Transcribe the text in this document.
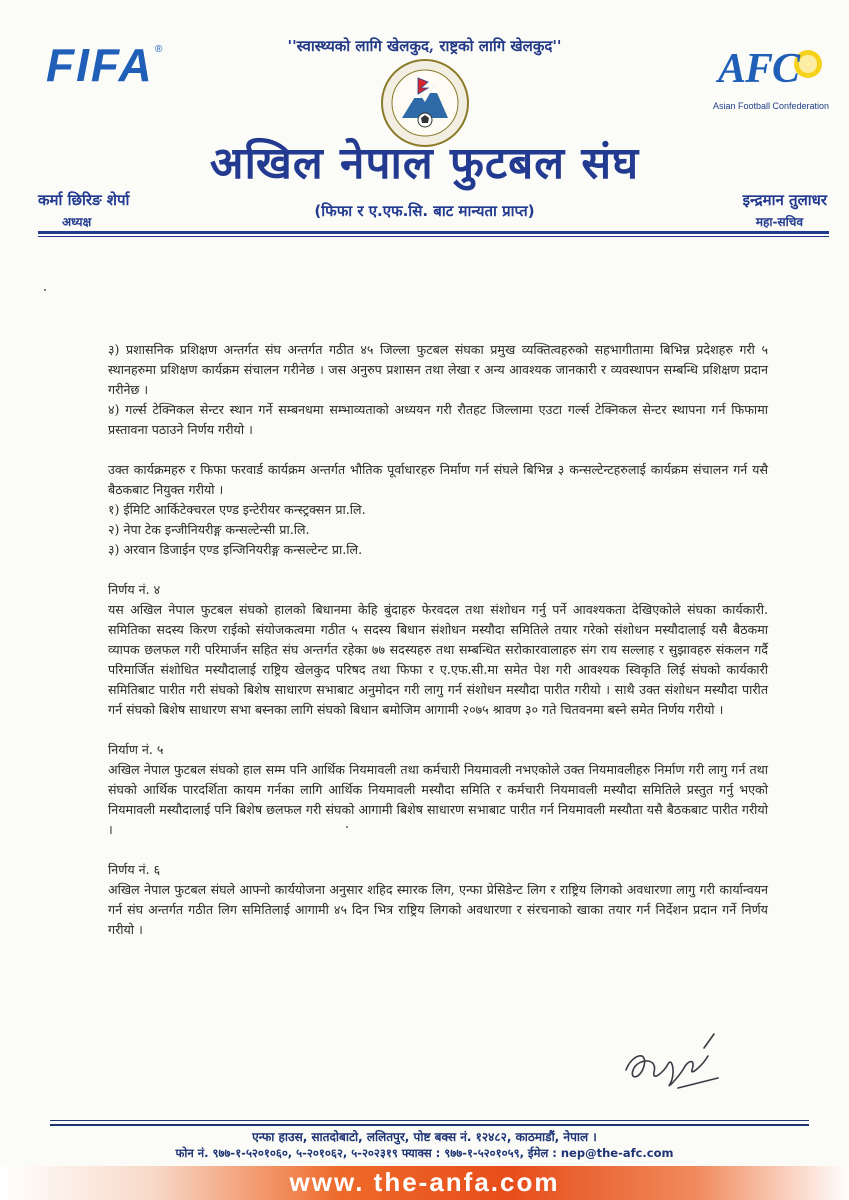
FIFA ®	''स्वास्थ्यको लागि खेलकुद, राष्ट्रको लागि खेलकुद''	AFC
Asian Football Confederation
अखिल नेपाल फुटबल संघ
कर्मा छिरिङ शेर्पा
अध्यक्ष
(फिफा र ए.एफ.सि. बाट मान्यता प्राप्त)
इन्द्रमान तुलाधर
महा-सचिव

३) प्रशासनिक प्रशिक्षण अन्तर्गत संघ अन्तर्गत गठीत ४५ जिल्ला फुटबल संघका प्रमुख व्यक्तित्वहरुको सहभागीतामा बिभिन्न प्रदेशहरु गरी ५ स्थानहरुमा प्रशिक्षण कार्यक्रम संचालन गरीनेछ । जस अनुरुप प्रशासन तथा लेखा र अन्य आवश्यक जानकारी र व्यवस्थापन सम्बन्धि प्रशिक्षण प्रदान गरीनेछ ।

४) गर्ल्स टेक्निकल सेन्टर स्थान गर्ने सम्बनधमा सम्भाव्यताको अध्ययन गरी रौतहट जिल्लामा एउटा गर्ल्स टेक्निकल सेन्टर स्थापना गर्न फिफामा प्रस्तावना पठाउने निर्णय गरीयो ।

उक्त कार्यक्रमहरु र फिफा फरवार्ड कार्यक्रम अन्तर्गत भौतिक पूर्वाधारहरु निर्माण गर्न संघले बिभिन्न ३ कन्सल्टेन्टहरुलाई कार्यक्रम संचालन गर्न यसै बैठकबाट नियुक्त गरीयो ।

१) ईमिटि आर्किटेक्चरल एण्ड इन्टेरीयर कन्स्ट्रक्सन प्रा.लि.

२) नेपा टेक इन्जीनियरीङ्ग कन्सल्टेन्सी प्रा.लि.

३) अरवान डिजाईन एण्ड इन्जिनियरीङ्ग कन्सल्टेन्ट प्रा.लि.

निर्णय नं. ४

यस अखिल नेपाल फुटबल संघको हालको बिधानमा केहि बुंदाहरु फेरवदल तथा संशोधन गर्नु पर्ने आवश्यकता देखिएकोले संघका कार्यकारी. समितिका सदस्य किरण राईको संयोजकत्वमा गठीत ५ सदस्य बिधान संशोधन मस्यौदा समितिले तयार गरेको संशोधन मस्यौदालाई यसै बैठकमा व्यापक छलफल गरी परिमार्जन सहित संघ अन्तर्गत रहेका ७७ सदस्यहरु तथा सम्बन्धित सरोकारवालाहरु संग राय सल्लाह र सुझावहरु संकलन गर्दै परिमार्जित संशोधित मस्यौदालाई राष्ट्रिय खेलकुद परिषद तथा फिफा र ए.एफ.सी.मा समेत पेश गरी आवश्यक स्विकृति लिई संघको कार्यकारी समितिबाट पारीत गरी संघको बिशेष साधारण सभाबाट अनुमोदन गरी लागु गर्न संशोधन मस्यौदा पारीत गरीयो । साथै उक्त संशोधन मस्यौदा पारीत गर्न संघको बिशेष साधारण सभा बस्नका लागि संघको बिधान बमोजिम आगामी २०७५ श्रावण ३० गते चितवनमा बस्ने समेत निर्णय गरीयो ।

निर्याण नं. ५

अखिल नेपाल फुटबल संघको हाल सम्म पनि आर्थिक नियमावली तथा कर्मचारी नियमावली नभएकोले उक्त नियमावलीहरु निर्माण गरी लागु गर्न तथा संघको आर्थिक पारदर्शिता कायम गर्नका लागि आर्थिक नियमावली मस्यौदा समिति र कर्मचारी नियमावली मस्यौदा समितिले प्रस्तुत गर्नु भएको नियमावली मस्यौदालाई पनि बिशेष छलफल गरी संघको आगामी बिशेष साधारण सभाबाट पारीत गर्न नियमावली मस्यौता यसै बैठकबाट पारीत गरीयो ।

निर्णय नं. ६

अखिल नेपाल फुटबल संघले आफ्नो कार्ययोजना अनुसार शहिद स्मारक लिग, एन्फा प्रेसिडेन्ट लिग र राष्ट्रिय लिगको अवधारणा लागु गरी कार्यान्वयन गर्न संघ अन्तर्गत गठीत लिग समितिलाई आगामी ४५ दिन भित्र राष्ट्रिय लिगको अवधारणा र संरचनाको खाका तयार गर्न निर्देशन प्रदान गर्ने निर्णय गरीयो ।

एन्फा हाउस, सातदोबाटो, ललितपुर, पोष्ट बक्स नं. १२४८२, काठमाडौं, नेपाल ।
फोन नं. ९७७-१-५२०१०६०, ५-२०१०६२, ५-२०२३१९ फ्याक्स : ९७७-१-५२०१०५९, ईमेल : nep@the-afc.com
www. the-anfa.com
